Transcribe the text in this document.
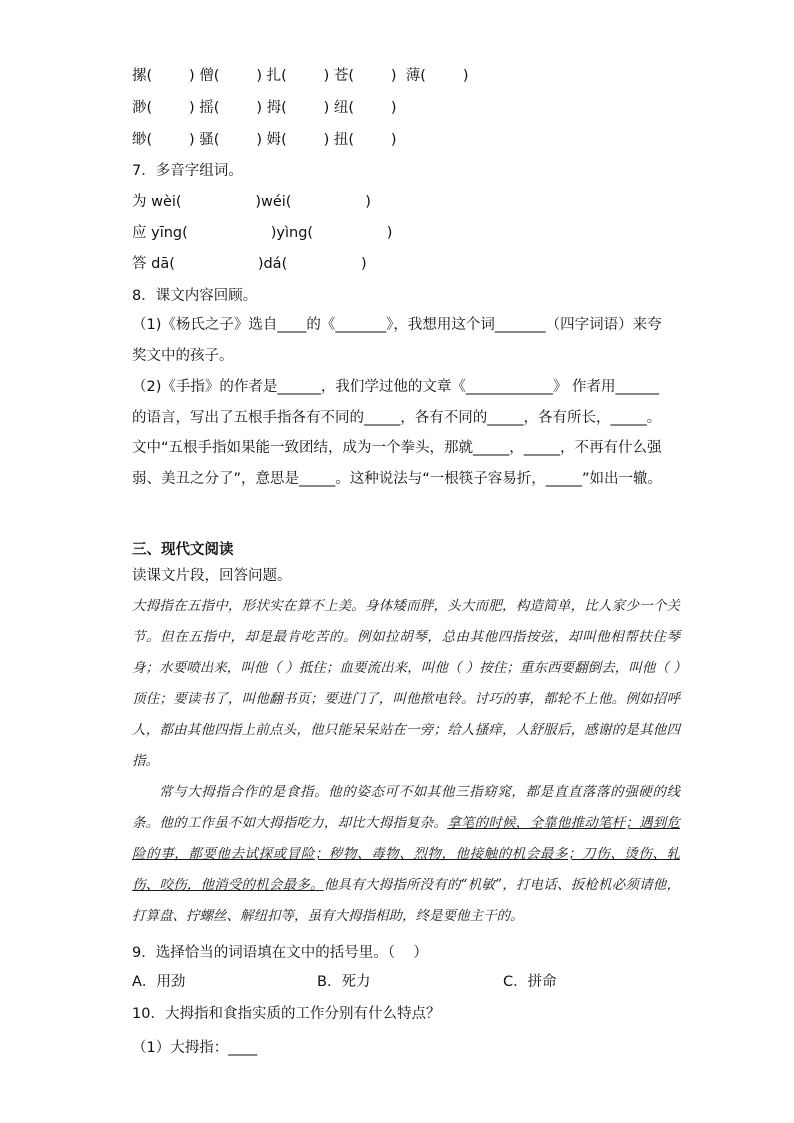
摞(        ) 僧(        ) 扎(        ) 苍(        )  薄(        )
渺(        ) 摇(        ) 拇(        ) 纽(        )
缈(        ) 骚(        ) 姆(        ) 扭(        )
7．多音字组词。
为 wèi(                )wéi(                )
应 yīng(                  )yìng(                )
答 dā(                  )dá(                )
8．课文内容回顾。
（1)《杨氏之子》选自____的《_______》，我想用这个词_______（四字词语）来夸奖文中的孩子。
（2)《手指》的作者是______，我们学过他的文章《____________》 作者用______的语言，写出了五根手指各有不同的_____，各有不同的_____，各有所长，_____。文中“五根手指如果能一致团结，成为一个拳头，那就_____，_____，不再有什么强弱、美丑之分了”，意思是_____。这种说法与“一根筷子容易折，_____”如出一辙。
三、现代文阅读
读课文片段，回答问题。

大拇指在五指中，形状实在算不上美。身体矮而胖，头大而肥，构造简单，比人家少一个关节。但在五指中，却是最肯吃苦的。例如拉胡琴，总由其他四指按弦，却叫他相帮扶住琴身；水要喷出来，叫他（ ）抵住；血要流出来，叫他（ ）按住；重东西要翻倒去，叫他（ ）顶住；要读书了，叫他翻书页；要进门了，叫他揿电铃。讨巧的事，都轮不上他。例如招呼人，都由其他四指上前点头，他只能呆呆站在一旁；给人搔痒，人舒服后，感谢的是其他四指。

常与大拇指合作的是食指。他的姿态可不如其他三指窈窕，都是直直落落的强硬的线条。他的工作虽不如大拇指吃力，却比大拇指复杂。拿笔的时候，全靠他推动笔杆；遇到危险的事，都要他去试探或冒险；秽物、毒物、烈物，他接触的机会最多；刀伤、烫伤、轧伤、咬伤，他消受的机会最多。他具有大拇指所没有的“机敏”，打电话、扳枪机必须请他，打算盘、拧螺丝、解纽扣等，虽有大拇指相助，终是要他主干的。

9．选择恰当的词语填在文中的括号里。（    ）
A．用劲	B．死力	C．拼命
10．大拇指和食指实质的工作分别有什么特点？
（1）大拇指：____
